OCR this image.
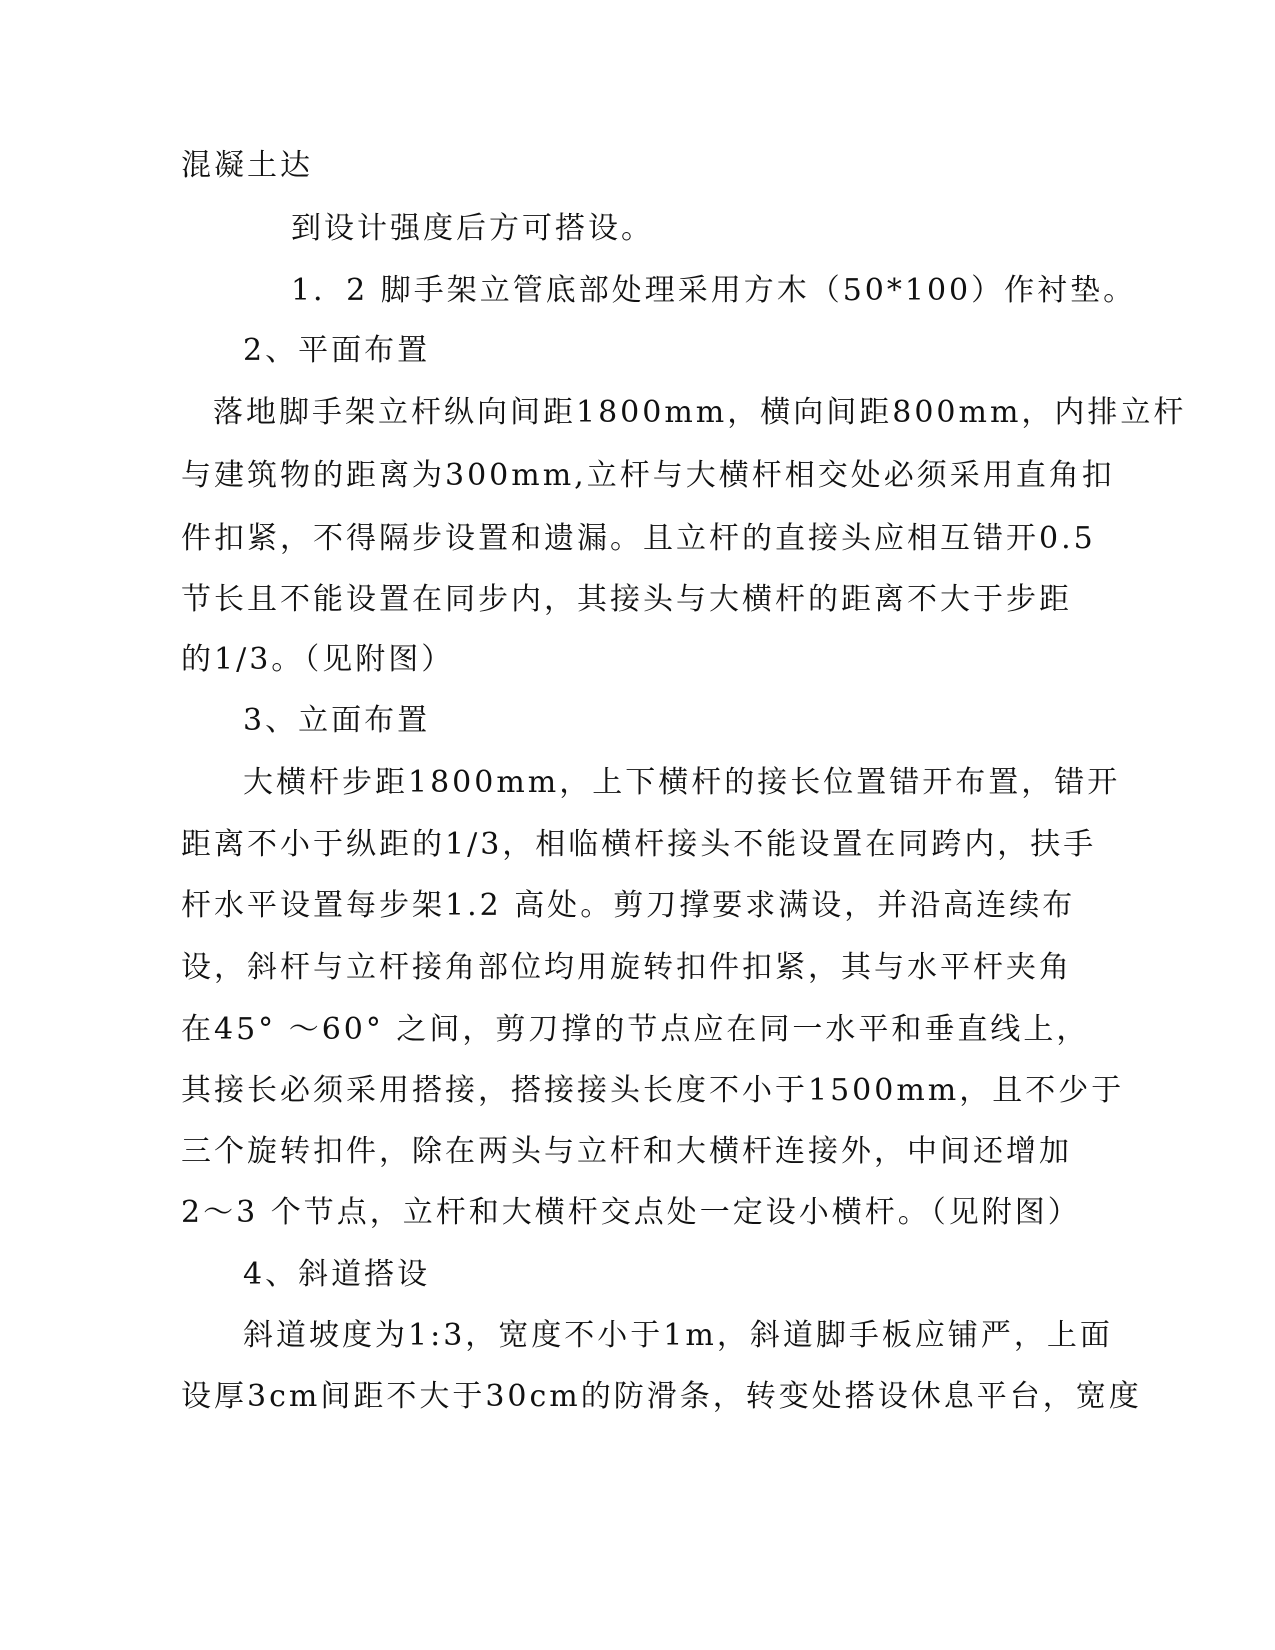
混凝土达
到设计强度后方可搭设。
1．2 脚手架立管底部处理采用方木（50*100）作衬垫。
2、平面布置
落地脚手架立杆纵向间距1800mm，横向间距800mm，内排立杆
与建筑物的距离为300mm,立杆与大横杆相交处必须采用直角扣
件扣紧，不得隔步设置和遗漏。且立杆的直接头应相互错开0.5
节长且不能设置在同步内，其接头与大横杆的距离不大于步距
的1/3。（见附图）
3、立面布置
大横杆步距1800mm，上下横杆的接长位置错开布置，错开
距离不小于纵距的1/3，相临横杆接头不能设置在同跨内，扶手
杆水平设置每步架1.2 高处。剪刀撑要求满设，并沿高连续布
设，斜杆与立杆接角部位均用旋转扣件扣紧，其与水平杆夹角
在45° ～60° 之间，剪刀撑的节点应在同一水平和垂直线上，
其接长必须采用搭接，搭接接头长度不小于1500mm，且不少于
三个旋转扣件，除在两头与立杆和大横杆连接外，中间还增加
2～3 个节点，立杆和大横杆交点处一定设小横杆。（见附图）
4、斜道搭设
斜道坡度为1:3，宽度不小于1m，斜道脚手板应铺严，上面
设厚3cm间距不大于30cm的防滑条，转变处搭设休息平台，宽度
